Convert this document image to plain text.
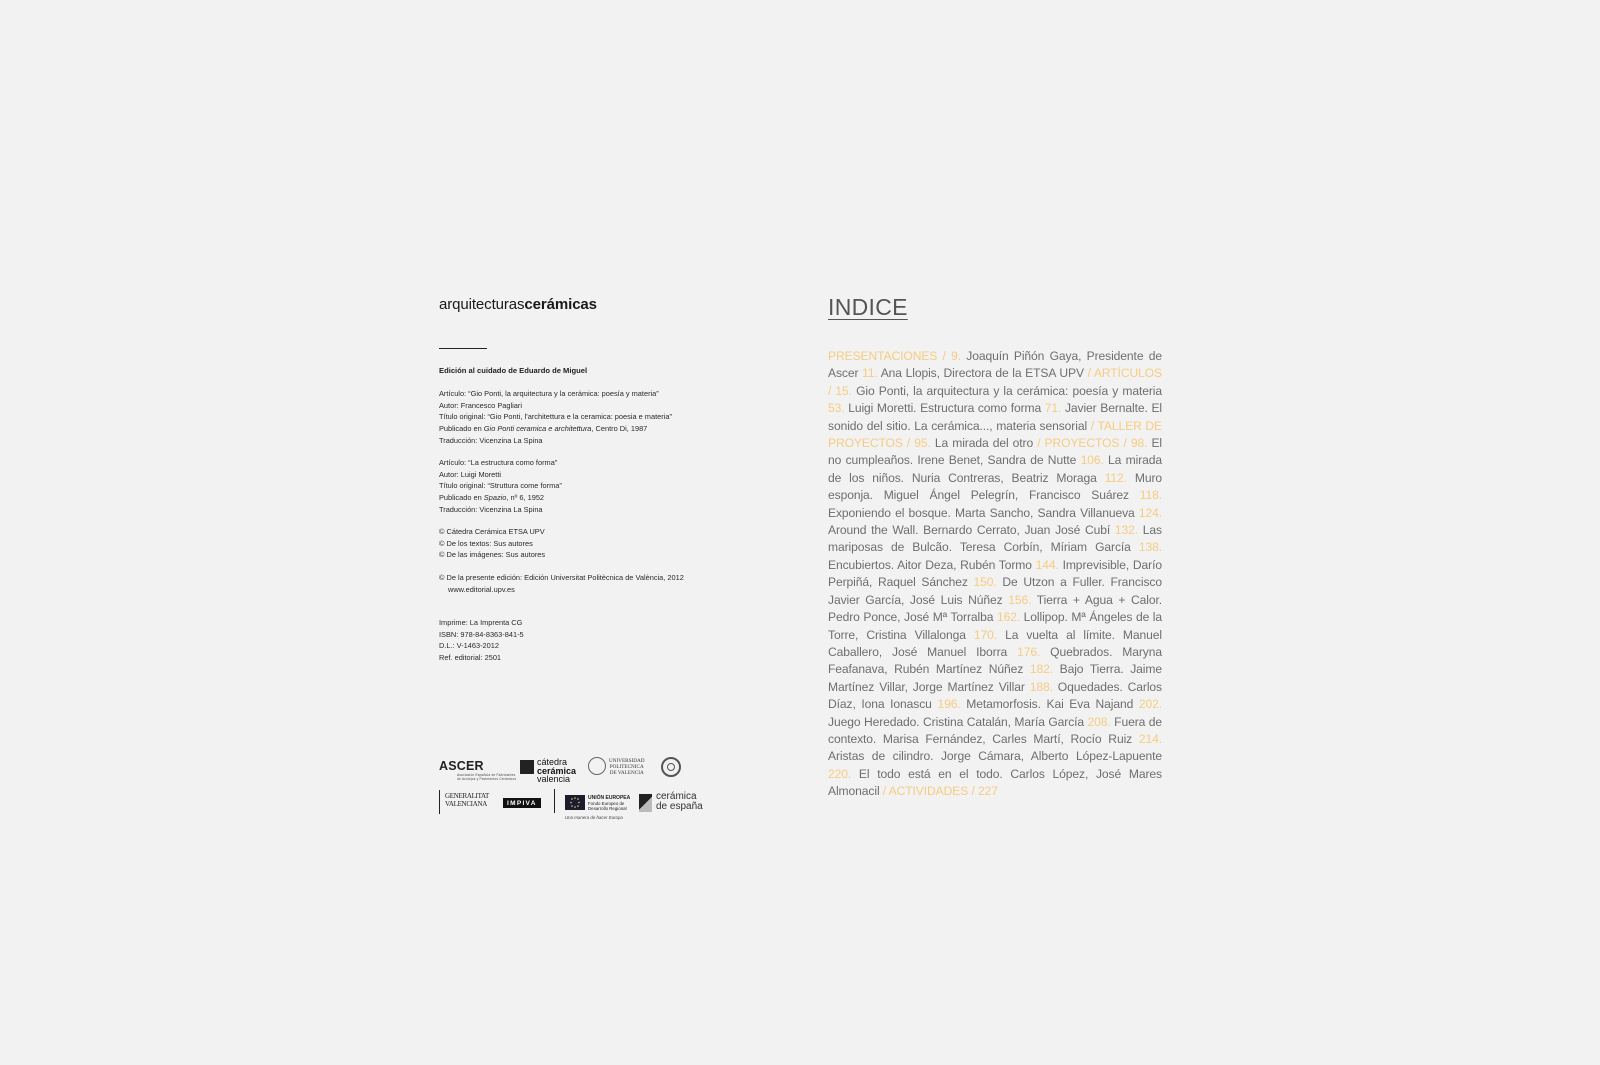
arquitecturascerámicas
Edición al cuidado de Eduardo de Miguel
Artículo: “Gio Ponti, la arquitectura y la cerámica: poesía y materia”
Autor: Francesco Pagliari
Título original: “Gio Ponti, l’architettura e la ceramica: poesia e materia”
Publicado en Gio Ponti ceramica e architettura, Centro Di, 1987
Traducción: Vicenzina La Spina
Artículo: “La estructura como forma”
Autor: Luigi Moretti
Título original: “Struttura come forma”
Publicado en Spazio, nº 6, 1952
Traducción: Vicenzina La Spina
© Cátedra Cerámica ETSA UPV
© De los textos: Sus autores
© De las imágenes: Sus autores
© De la presente edición: Edición Universitat Politècnica de València, 2012
www.editorial.upv.es
Imprime: La Imprenta CG
ISBN: 978-84-8363-841-5
D.L.: V-1463-2012
Ref. editorial: 2501
ASCER
Asociación Española de Fabricantes de Azulejos y Pavimentos Cerámicos
cátedra
cerámica
valencia
UNIVERSIDAD
POLITECNICA
DE VALENCIA
GENERALITAT
VALENCIANA	IMPIVA
UNIÓN EUROPEA
Fondo Europeo de
Desarrollo Regional
Una manera de hacer Europa
cerámica
de españa
INDICE
PRESENTACIONES / 9. Joaquín Piñón Gaya, Presidente de Ascer 11. Ana Llopis, Directora de la ETSA UPV / ARTÍCULOS / 15. Gio Ponti, la arquitectura y la cerámica: poesía y materia 53. Luigi Moretti. Estructura como forma 71. Javier Bernalte. El sonido del sitio. La cerámica..., materia sensorial / TALLER DE PROYECTOS / 95. La mirada del otro / PROYECTOS / 98. El no cumpleaños. Irene Benet, Sandra de Nutte 106. La mirada de los niños. Nuria Contreras, Beatriz Moraga 112. Muro esponja. Miguel Ángel Pelegrín, Francisco Suárez 118. Exponiendo el bosque. Marta Sancho, Sandra Villanueva 124. Around the Wall. Bernardo Cerrato, Juan José Cubí 132. Las mariposas de Bulcão. Teresa Corbín, Míriam García 138. Encubiertos. Aitor Deza, Rubén Tormo 144. Imprevisible, Darío Perpiñá, Raquel Sánchez 150. De Utzon a Fuller. Francisco Javier García, José Luis Núñez 156. Tierra + Agua + Calor. Pedro Ponce, José Mª Torralba 162. Lollipop. Mª Ángeles de la Torre, Cristina Villalonga 170. La vuelta al límite. Manuel Caballero, José Manuel Iborra 176. Quebrados. Maryna Feafanava, Rubén Martínez Núñez 182. Bajo Tierra. Jaime Martínez Villar, Jorge Martínez Villar 188. Oquedades. Carlos Díaz, Iona Ionascu 196. Metamorfosis. Kai Eva Najand 202. Juego Heredado. Cristina Catalán, María García 208. Fuera de contexto. Marisa Fernández, Carles Martí, Rocío Ruiz 214. Aristas de cilindro. Jorge Cámara, Alberto López-Lapuente 220. El todo está en el todo. Carlos López, José Mares Almonacil / ACTIVIDADES / 227
